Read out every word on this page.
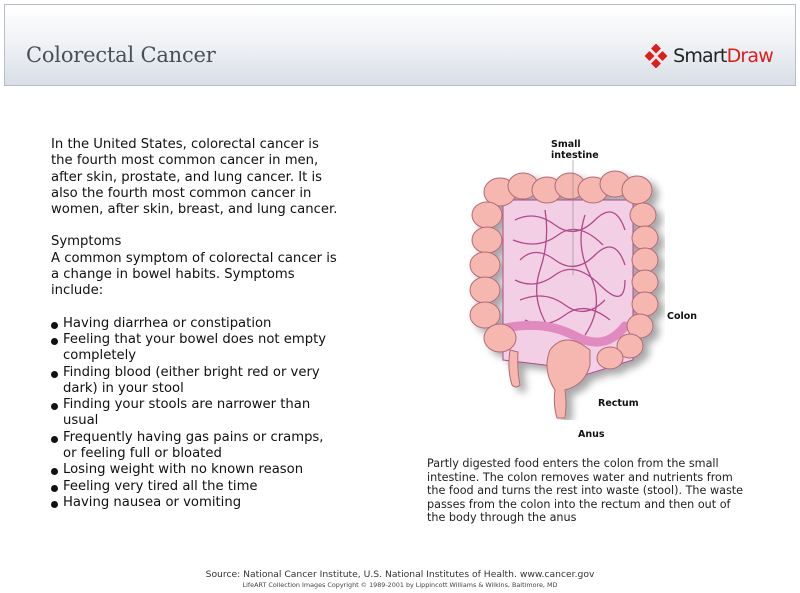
Colorectal Cancer	Smart Draw

In the United States, colorectal cancer is the fourth most common cancer in men, after skin, prostate, and lung cancer. It is also the fourth most common cancer in women, after skin, breast, and lung cancer.

Symptoms

A common symptom of colorectal cancer is a change in bowel habits. Symptoms include:

Having diarrhea or constipation
Feeling that your bowel does not empty completely
Finding blood (either bright red or very dark) in your stool
Finding your stools are narrower than usual
Frequently having gas pains or cramps, or feeling full or bloated
Losing weight with no known reason
Feeling very tired all the time
Having nausea or vomiting
Small
intestine
Colon
Rectum
Anus
Partly digested food enters the colon from the small intestine. The colon removes water and nutrients from the food and turns the rest into waste (stool). The waste passes from the colon into the rectum and then out of the body through the anus
Source: National Cancer Institute, U.S. National Institutes of Health. www.cancer.gov
LifeART Collection Images Copyright © 1989-2001 by Lippincott Williams & Wilkins, Baltimore, MD
